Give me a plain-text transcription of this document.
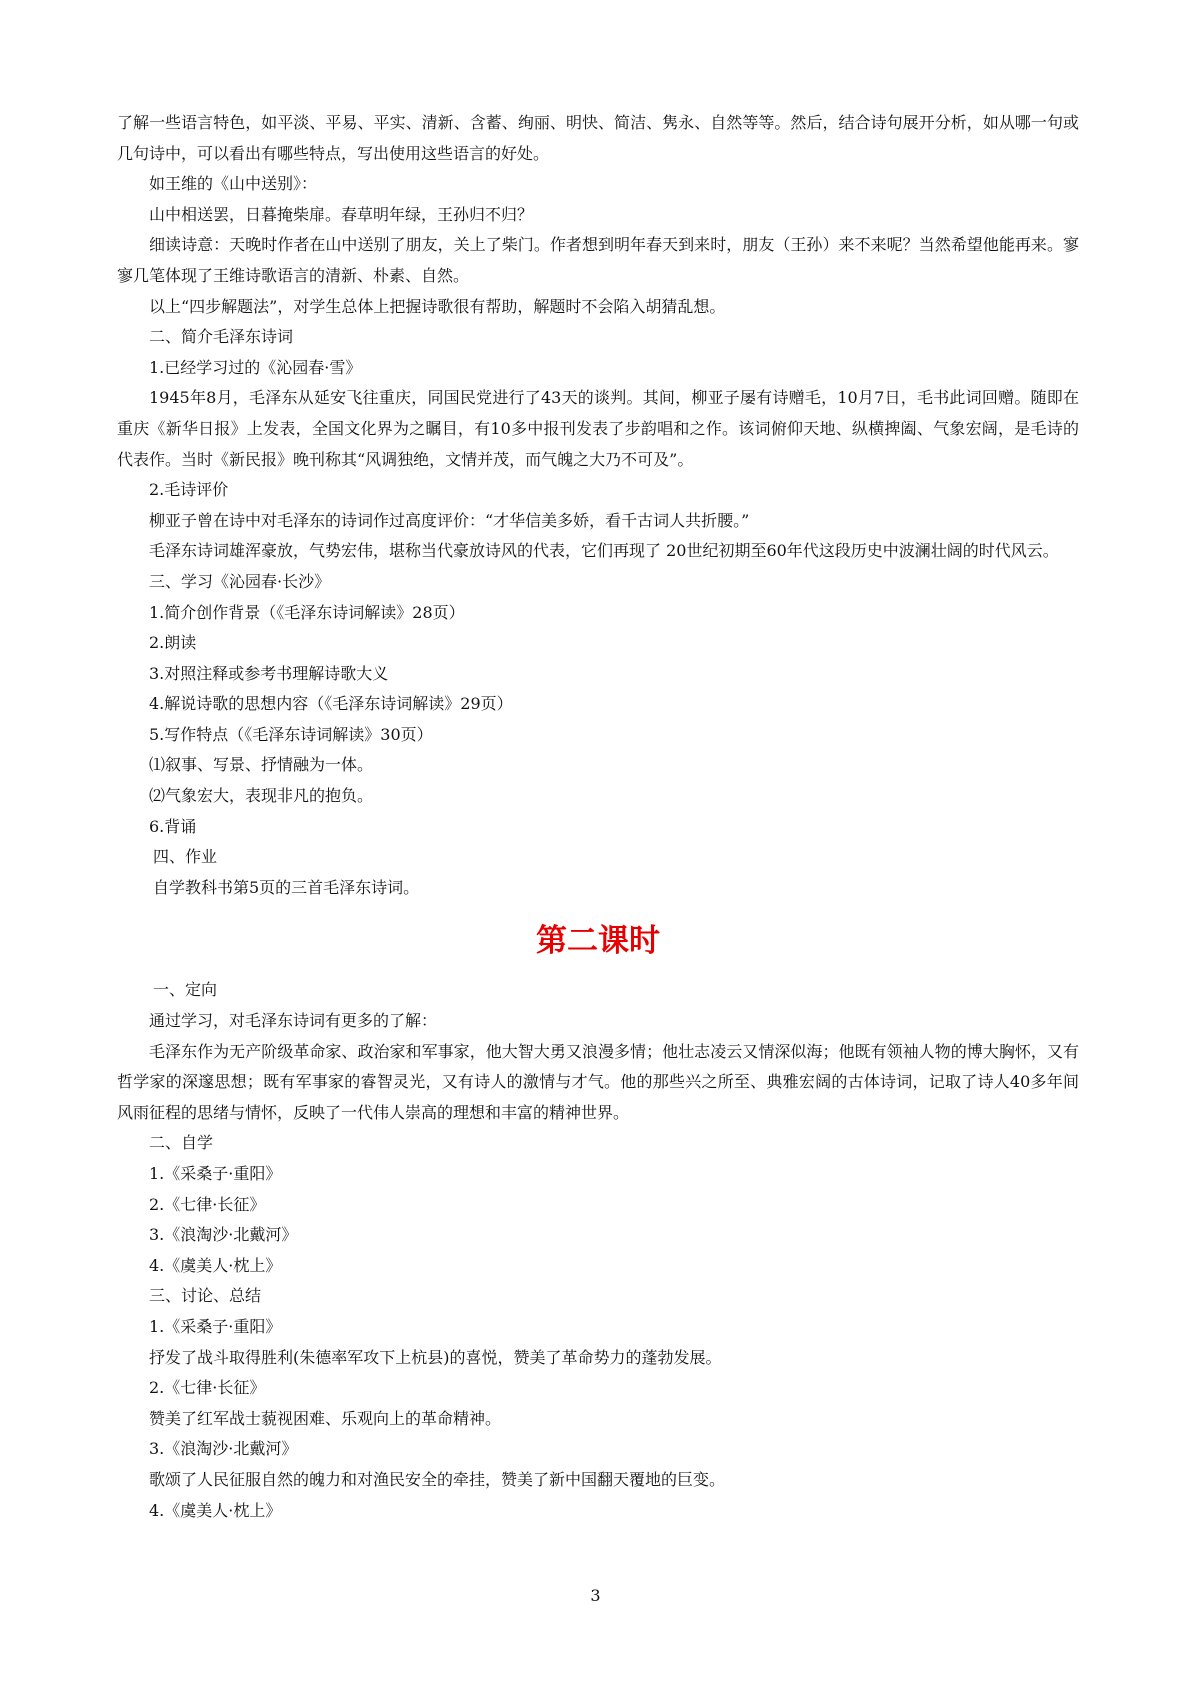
了解一些语言特色，如平淡、平易、平实、清新、含蓄、绚丽、明快、简洁、隽永、自然等等。然后，结合诗句展开分析，如从哪一句或几句诗中，可以看出有哪些特点，写出使用这些语言的好处。

如王维的《山中送别》：

山中相送罢，日暮掩柴扉。春草明年绿，王孙归不归？

细读诗意：天晚时作者在山中送别了朋友，关上了柴门。作者想到明年春天到来时，朋友（王孙）来不来呢？当然希望他能再来。寥寥几笔体现了王维诗歌语言的清新、朴素、自然。

以上“四步解题法”，对学生总体上把握诗歌很有帮助，解题时不会陷入胡猜乱想。

二、简介毛泽东诗词

1.已经学习过的《沁园春·雪》

1945年8月，毛泽东从延安飞往重庆，同国民党进行了43天的谈判。其间，柳亚子屡有诗赠毛，10月7日，毛书此词回赠。随即在重庆《新华日报》上发表，全国文化界为之瞩目，有10多中报刊发表了步韵唱和之作。该词俯仰天地、纵横捭阖、气象宏阔，是毛诗的代表作。当时《新民报》晚刊称其“风调独绝，文情并茂，而气魄之大乃不可及”。

2.毛诗评价

柳亚子曾在诗中对毛泽东的诗词作过高度评价：“才华信美多娇，看千古词人共折腰。”

毛泽东诗词雄浑豪放，气势宏伟，堪称当代豪放诗风的代表，它们再现了 20世纪初期至60年代这段历史中波澜壮阔的时代风云。

三、学习《沁园春·长沙》

1.简介创作背景（《毛泽东诗词解读》28页）

2.朗读

3.对照注释或参考书理解诗歌大义

4.解说诗歌的思想内容（《毛泽东诗词解读》29页）

5.写作特点（《毛泽东诗词解读》30页）

⑴叙事、写景、抒情融为一体。

⑵气象宏大，表现非凡的抱负。

6.背诵

四、作业

自学教科书第5页的三首毛泽东诗词。

第二课时

一、定向

通过学习，对毛泽东诗词有更多的了解：

毛泽东作为无产阶级革命家、政治家和军事家，他大智大勇又浪漫多情；他壮志凌云又情深似海；他既有领袖人物的博大胸怀，又有哲学家的深邃思想；既有军事家的睿智灵光，又有诗人的激情与才气。他的那些兴之所至、典雅宏阔的古体诗词，记取了诗人40多年间风雨征程的思绪与情怀，反映了一代伟人崇高的理想和丰富的精神世界。

二、自学

1.《采桑子·重阳》

2.《七律·长征》

3.《浪淘沙·北戴河》

4.《虞美人·枕上》

三、讨论、总结

1.《采桑子·重阳》

抒发了战斗取得胜利(朱德率军攻下上杭县)的喜悦，赞美了革命势力的蓬勃发展。

2.《七律·长征》

赞美了红军战士藐视困难、乐观向上的革命精神。

3.《浪淘沙·北戴河》

歌颂了人民征服自然的魄力和对渔民安全的牵挂，赞美了新中国翻天覆地的巨变。

4.《虞美人·枕上》

3
